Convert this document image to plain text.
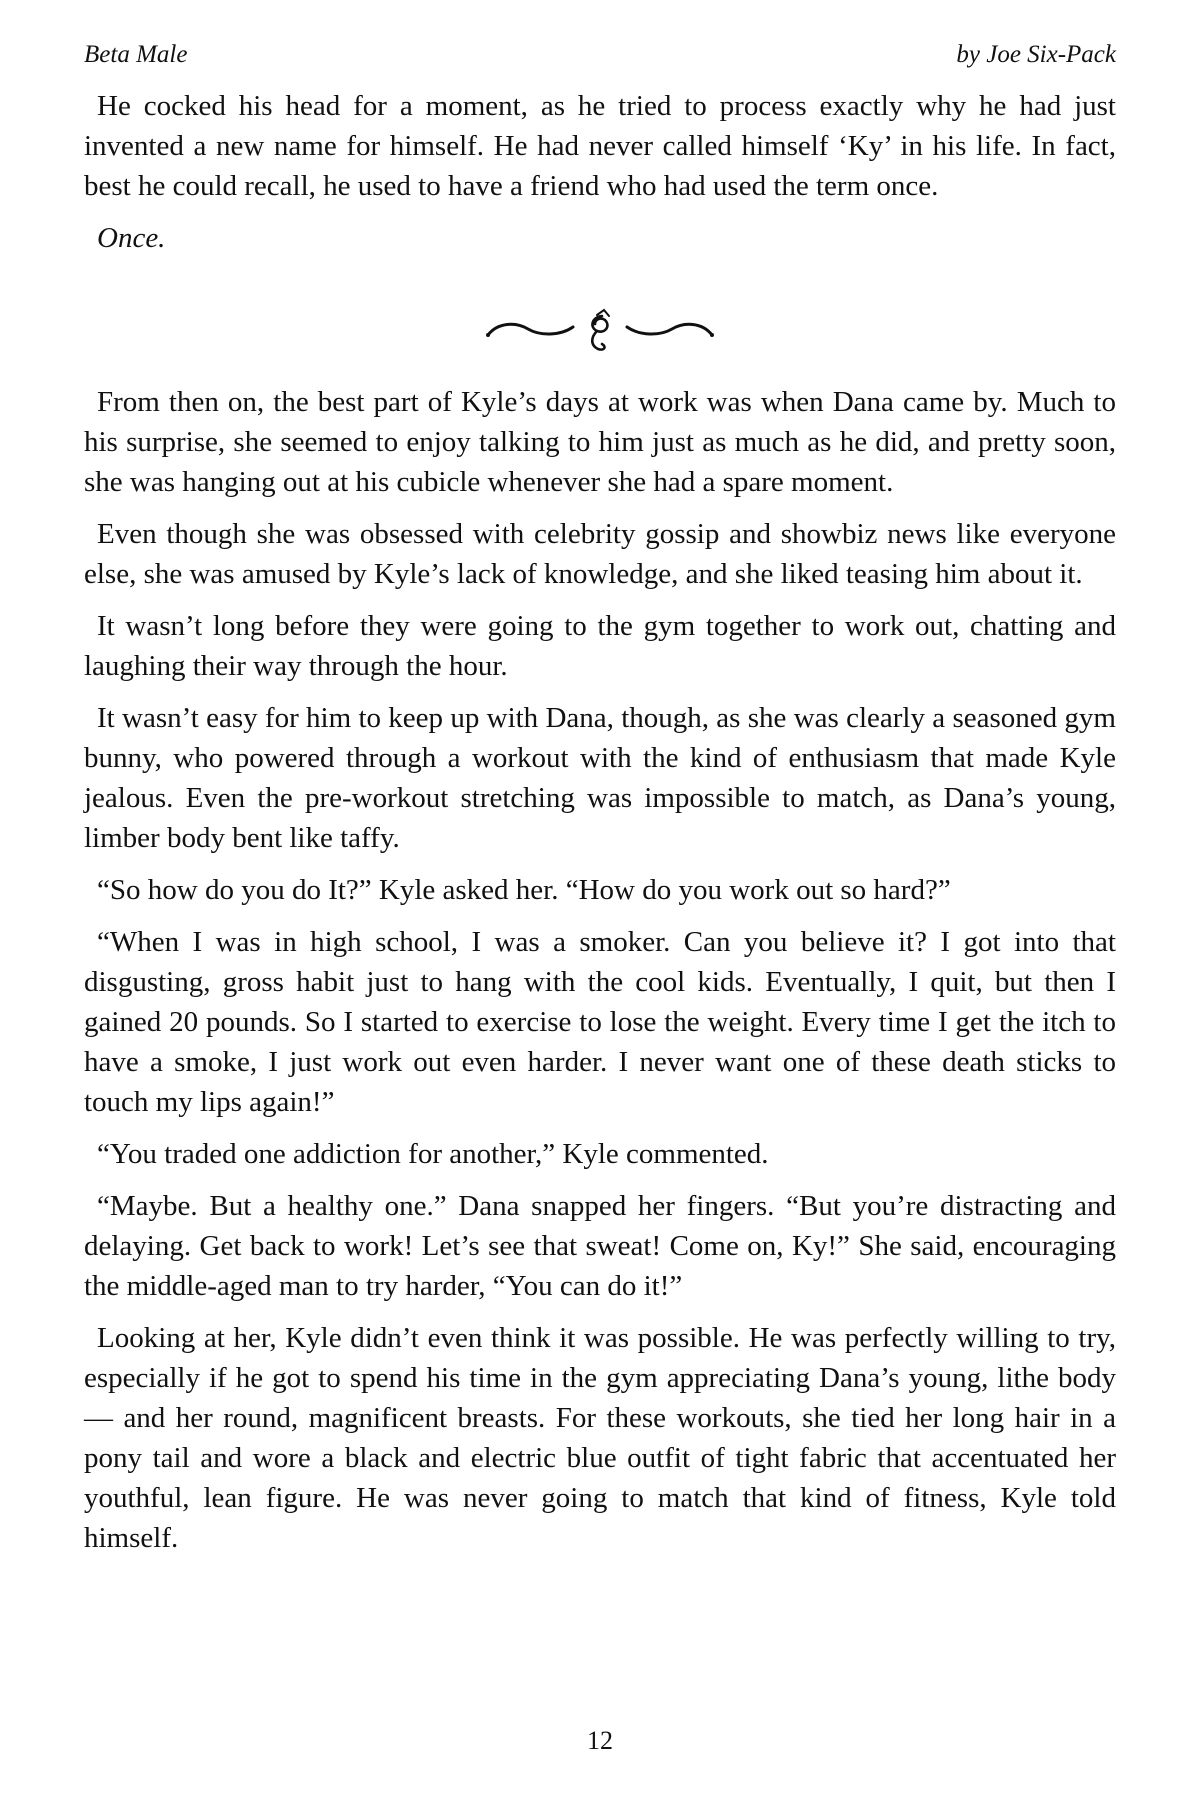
Beta Male	by Joe Six-Pack

He cocked his head for a moment, as he tried to process exactly why he had just invented a new name for himself. He had never called himself ‘Ky’ in his life. In fact, best he could recall, he used to have a friend who had used the term once.

Once.

From then on, the best part of Kyle’s days at work was when Dana came by. Much to his surprise, she seemed to enjoy talking to him just as much as he did, and pretty soon, she was hanging out at his cubicle whenever she had a spare moment.

Even though she was obsessed with celebrity gossip and showbiz news like everyone else, she was amused by Kyle’s lack of knowledge, and she liked teasing him about it.

It wasn’t long before they were going to the gym together to work out, chatting and laughing their way through the hour.

It wasn’t easy for him to keep up with Dana, though, as she was clearly a seasoned gym bunny, who powered through a workout with the kind of enthusiasm that made Kyle jealous. Even the pre-workout stretching was impossible to match, as Dana’s young, limber body bent like taffy.

“So how do you do It?” Kyle asked her. “How do you work out so hard?”

“When I was in high school, I was a smoker. Can you believe it? I got into that disgusting, gross habit just to hang with the cool kids. Eventually, I quit, but then I gained 20 pounds. So I started to exercise to lose the weight. Every time I get the itch to have a smoke, I just work out even harder. I never want one of these death sticks to touch my lips again!”

“You traded one addiction for another,” Kyle commented.

“Maybe. But a healthy one.” Dana snapped her fingers. “But you’re distracting and delaying. Get back to work! Let’s see that sweat! Come on, Ky!” She said, encouraging the middle-aged man to try harder, “You can do it!”

Looking at her, Kyle didn’t even think it was possible. He was perfectly willing to try, especially if he got to spend his time in the gym appreciating Dana’s young, lithe body — and her round, magnificent breasts. For these workouts, she tied her long hair in a pony tail and wore a black and electric blue outfit of tight fabric that accentuated her youthful, lean figure. He was never going to match that kind of fitness, Kyle told himself.

12
